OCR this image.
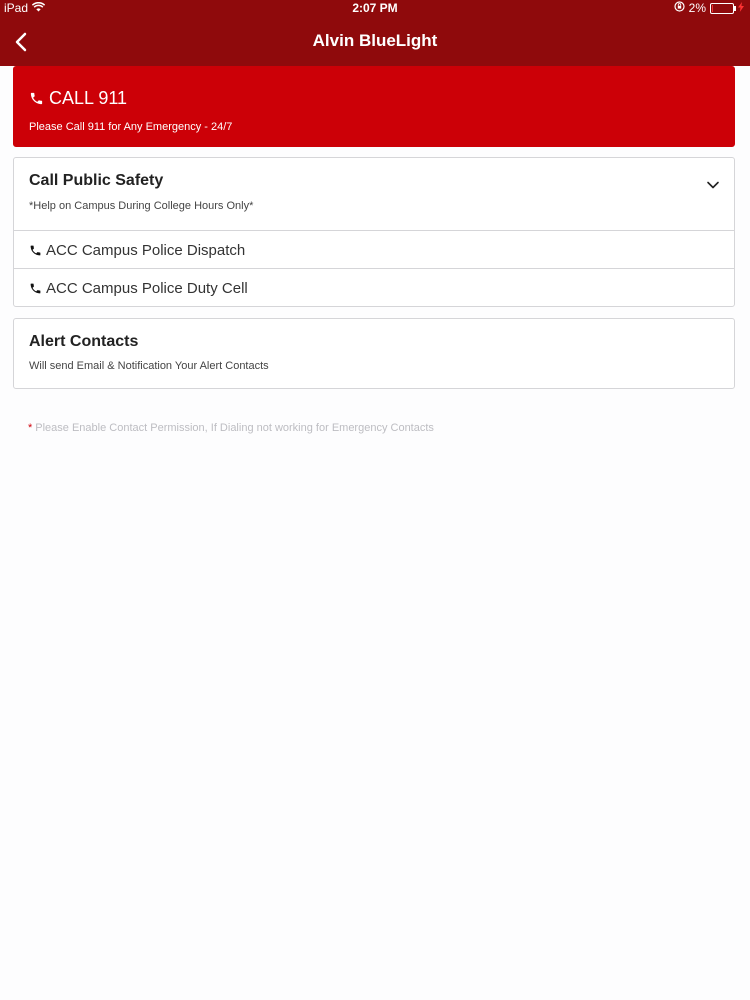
iPad	2:07 PM	2%
Alvin BlueLight
CALL 911
Please Call 911 for Any Emergency - 24/7
Call Public Safety
*Help on Campus During College Hours Only*
ACC Campus Police Dispatch
ACC Campus Police Duty Cell
Alert Contacts
Will send Email & Notification Your Alert Contacts
* Please Enable Contact Permission, If Dialing not working for Emergency Contacts
